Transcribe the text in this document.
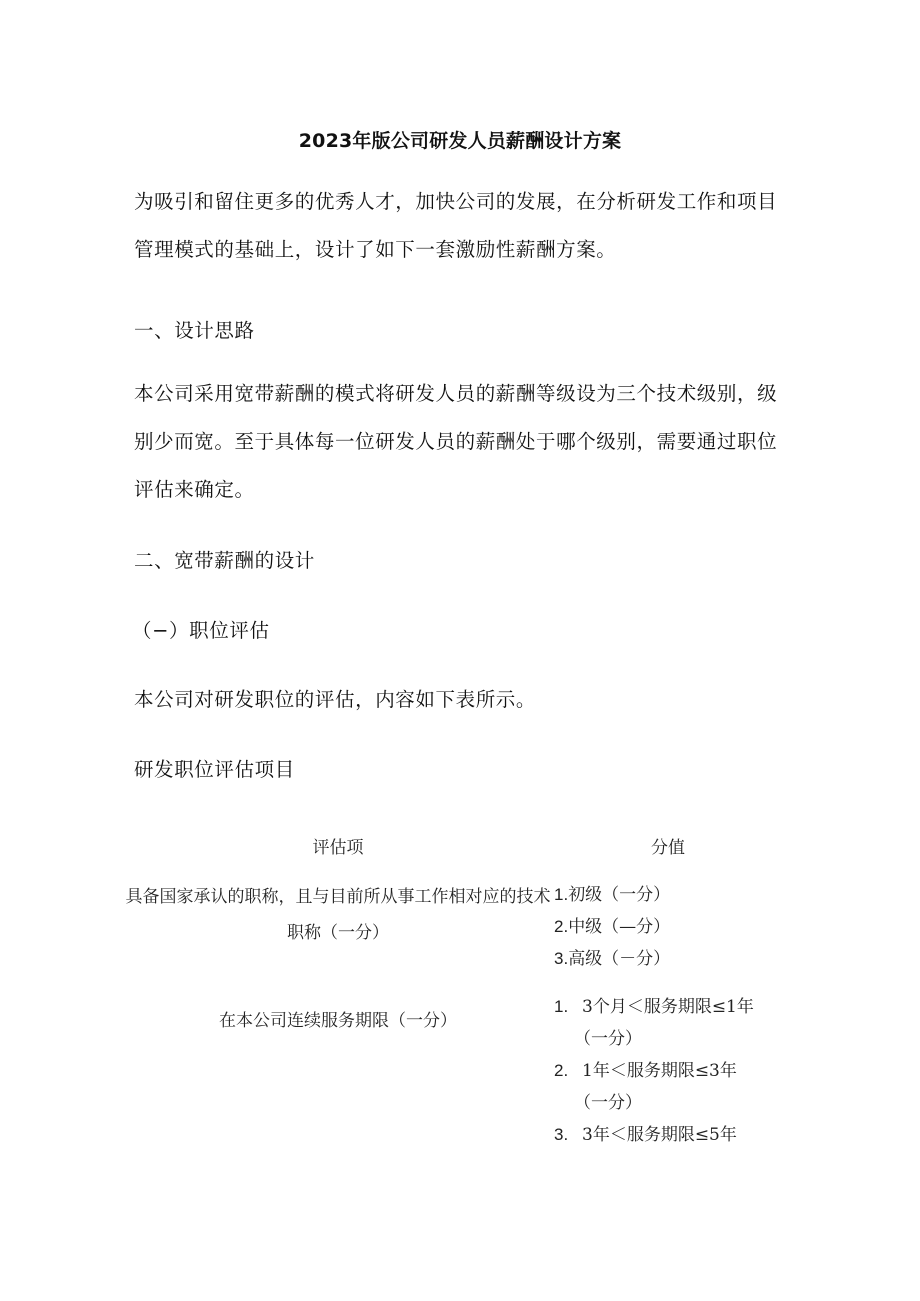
2023年版公司研发人员薪酬设计方案

为吸引和留住更多的优秀人才，加快公司的发展，在分析研发工作和项目管理模式的基础上，设计了如下一套激励性薪酬方案。

一、设计思路

本公司采用宽带薪酬的模式将研发人员的薪酬等级设为三个技术级别，级别少而宽。至于具体每一位研发人员的薪酬处于哪个级别，需要通过职位评估来确定。

二、宽带薪酬的设计

（−）职位评估

本公司对研发职位的评估，内容如下表所示。

研发职位评估项目

评估项	分值
具备国家承认的职称，且与目前所从事工作相对应的技术职称（一分）
1.初级（一分）
2.中级（—分）
3.高级（－分）
在本公司连续服务期限（一分）
1. 3个月＜服务期限≤1年
（一分）
2. 1年＜服务期限≤3年
（一分）
3. 3年＜服务期限≤5年
